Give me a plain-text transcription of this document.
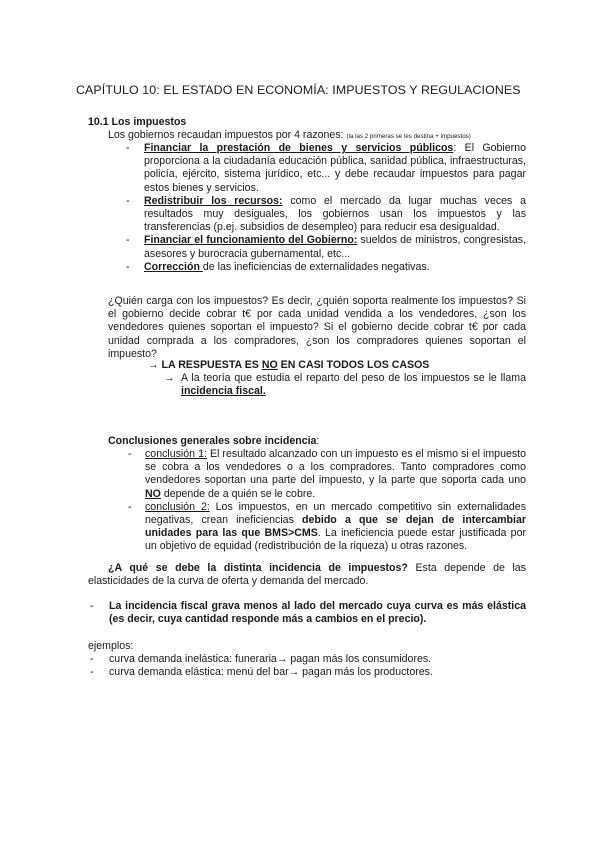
CAPÍTULO 10: EL ESTADO EN ECONOMÍA: IMPUESTOS Y REGULACIONES
10.1 Los impuestos
Los gobiernos recaudan impuestos por 4 razones: (la las 2 primeras se les destina + impuestos)
- Financiar la prestación de bienes y servicios públicos: El Gobierno proporciona a la ciudadanía educación pública, sanidad pública, infraestructuras, policía, ejército, sistema jurídico, etc... y debe recaudar impuestos para pagar estos bienes y servicios.

- Redistribuir los recursos: como el mercado da lugar muchas veces a resultados muy desiguales, los gobiernos usan los impuestos y las transferencias (p.ej. subsidios de desempleo) para reducir esa desigualdad.

- Financiar el funcionamiento del Gobierno: sueldos de ministros, congresistas, asesores y burocracia gubernamental, etc...

- Corrección de las ineficiencias de externalidades negativas.

¿Quién carga con los impuestos? Es decir, ¿quién soporta realmente los impuestos? Si el gobierno decide cobrar t€ por cada unidad vendida a los vendedores, ¿son los vendedores quienes soportan el impuesto? Si el gobierno decide cobrar t€ por cada unidad comprada a los compradores, ¿son los compradores quienes soportan el impuesto?

→ LA RESPUESTA ES NO EN CASI TODOS LOS CASOS
→ A la teoría que estudia el reparto del peso de los impuestos se le llama incidencia fiscal.

Conclusiones generales sobre incidencia:
- conclusión 1: El resultado alcanzado con un impuesto es el mismo si el impuesto se cobra a los vendedores o a los compradores. Tanto compradores como vendedores soportan una parte del impuesto, y la parte que soporta cada uno NO depende de a quién se le cobre.

- conclusión 2: Los impuestos, en un mercado competitivo sin externalidades negativas, crean ineficiencias debido a que se dejan de intercambiar unidades para las que BMS>CMS. La ineficiencia puede estar justificada por un objetivo de equidad (redistribución de la riqueza) u otras razones.

¿A qué se debe la distinta incidencia de impuestos? Esta depende de las elasticidades de la curva de oferta y demanda del mercado.

-	La incidencia fiscal grava menos al lado del mercado cuya curva es más elástica (es decir, cuya cantidad responde más a cambios en el precio).

ejemplos:
- curva demanda inelástica: funeraria→ pagan más los consumidores.
- curva demanda elástica: menú del bar→ pagan más los productores.
